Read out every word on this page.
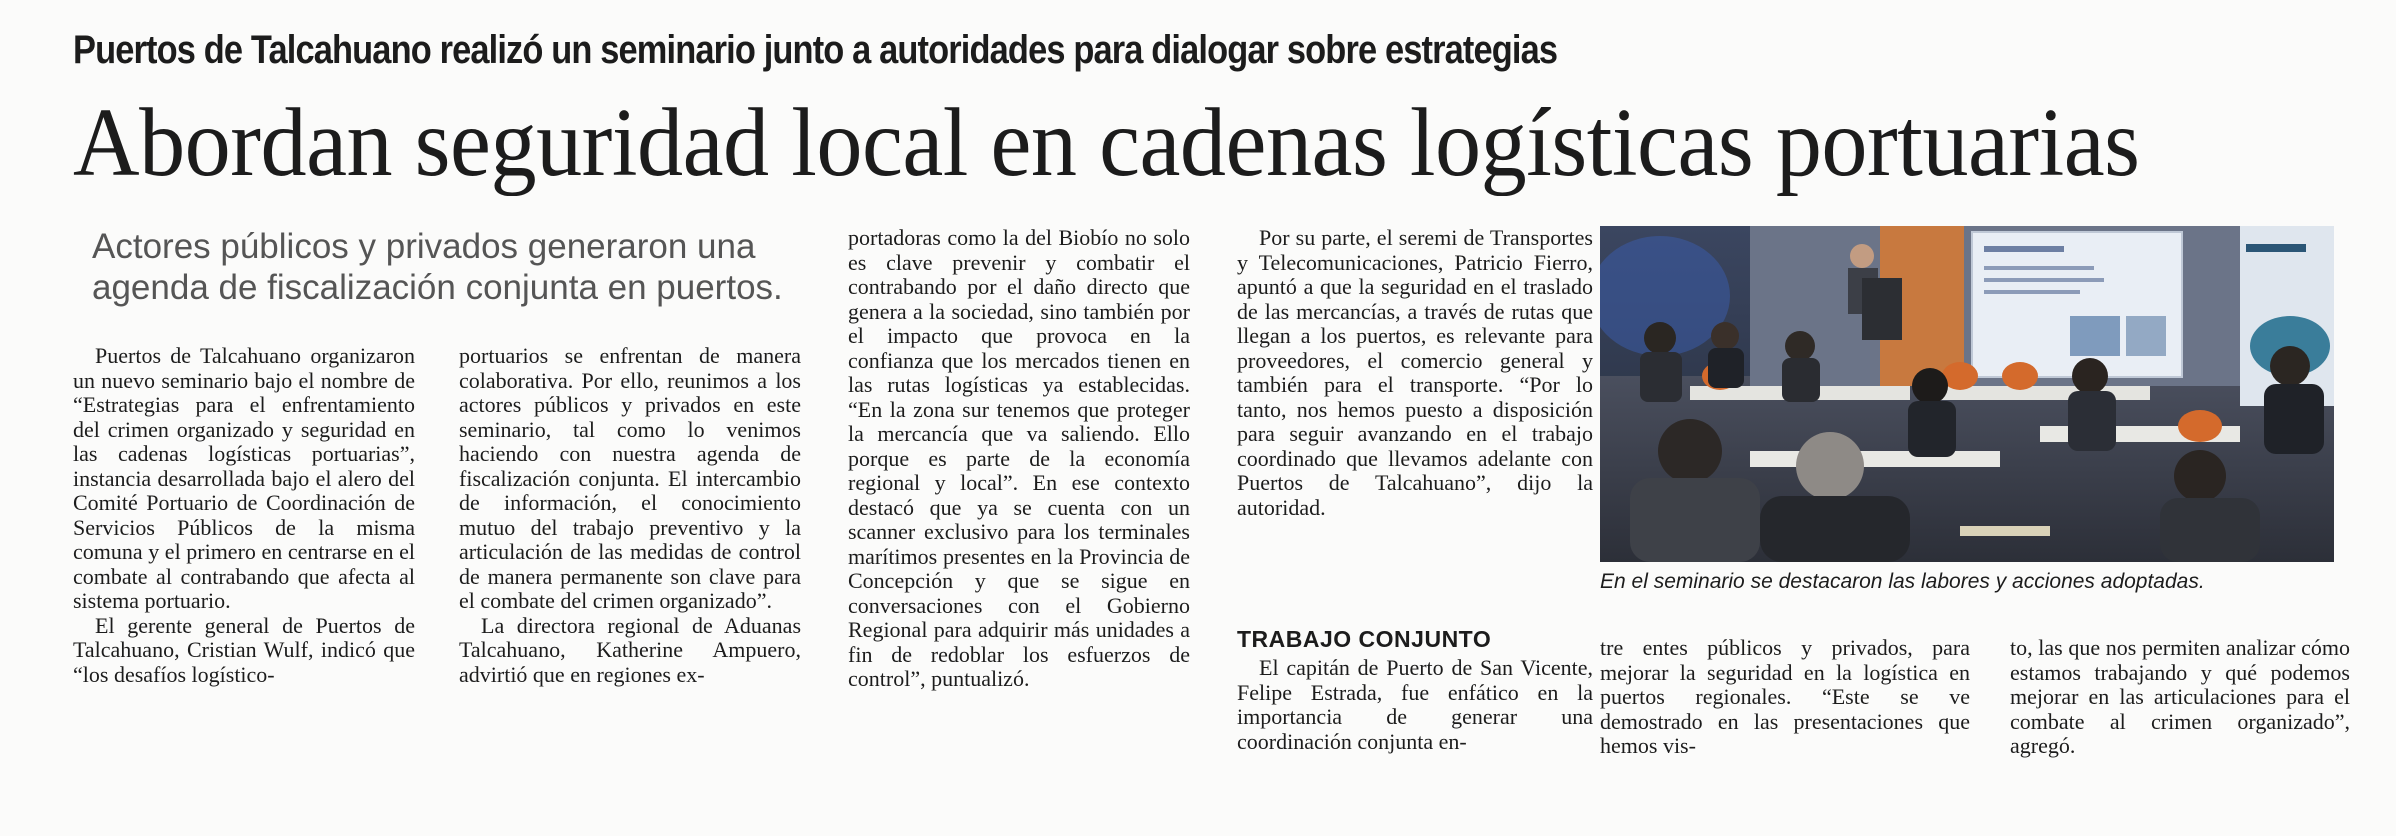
Puertos de Talcahuano realizó un seminario junto a autoridades para dialogar sobre estrategias
Abordan seguridad local en cadenas logísticas portuarias
Actores públicos y privados generaron una agenda de fiscalización conjunta en puertos.

Puertos de Talcahuano organizaron un nuevo seminario bajo el nombre de “Estrategias para el enfrentamiento del crimen organizado y seguridad en las cadenas logísticas portuarias”, instancia desarrollada bajo el alero del Comité Portuario de Coordinación de Servicios Públicos de la misma comuna y el primero en centrarse en el combate al contrabando que afecta al sistema portuario.

El gerente general de Puertos de Talcahuano, Cristian Wulf, indicó que “los desafíos logístico-

portuarios se enfrentan de manera colaborativa. Por ello, reunimos a los actores públicos y privados en este seminario, tal como lo venimos haciendo con nuestra agenda de fiscalización conjunta. El intercambio de información, el conocimiento mutuo del trabajo preventivo y la articulación de las medidas de control de manera permanente son clave para el combate del crimen organizado”.

La directora regional de Aduanas Talcahuano, Katherine Ampuero, advirtió que en regiones ex-

portadoras como la del Biobío no solo es clave prevenir y combatir el contrabando por el daño directo que genera a la sociedad, sino también por el impacto que provoca en la confianza que los mercados tienen en las rutas logísticas ya establecidas. “En la zona sur tenemos que proteger la mercancía que va saliendo. Ello porque es parte de la economía regional y local”. En ese contexto destacó que ya se cuenta con un scanner exclusivo para los terminales marítimos presentes en la Provincia de Concepción y que se sigue en conversaciones con el Gobierno Regional para adquirir más unidades a fin de redoblar los esfuerzos de control”, puntualizó.

Por su parte, el seremi de Transportes y Telecomunicaciones, Patricio Fierro, apuntó a que la seguridad en el traslado de las mercancías, a través de rutas que llegan a los puertos, es relevante para proveedores, el comercio general y también para el transporte. “Por lo tanto, nos hemos puesto a disposición para seguir avanzando en el trabajo coordinado que llevamos adelante con Puertos de Talcahuano”, dijo la autoridad.

TRABAJO CONJUNTO

El capitán de Puerto de San Vicente, Felipe Estrada, fue enfático en la importancia de generar una coordinación conjunta en-

tre entes públicos y privados, para mejorar la seguridad en la logística en puertos regionales. “Este se ve demostrado en las presentaciones que hemos vis-

to, las que nos permiten analizar cómo estamos trabajando y qué podemos mejorar en las articulaciones para el combate al crimen organizado”, agregó.

En el seminario se destacaron las labores y acciones adoptadas.
